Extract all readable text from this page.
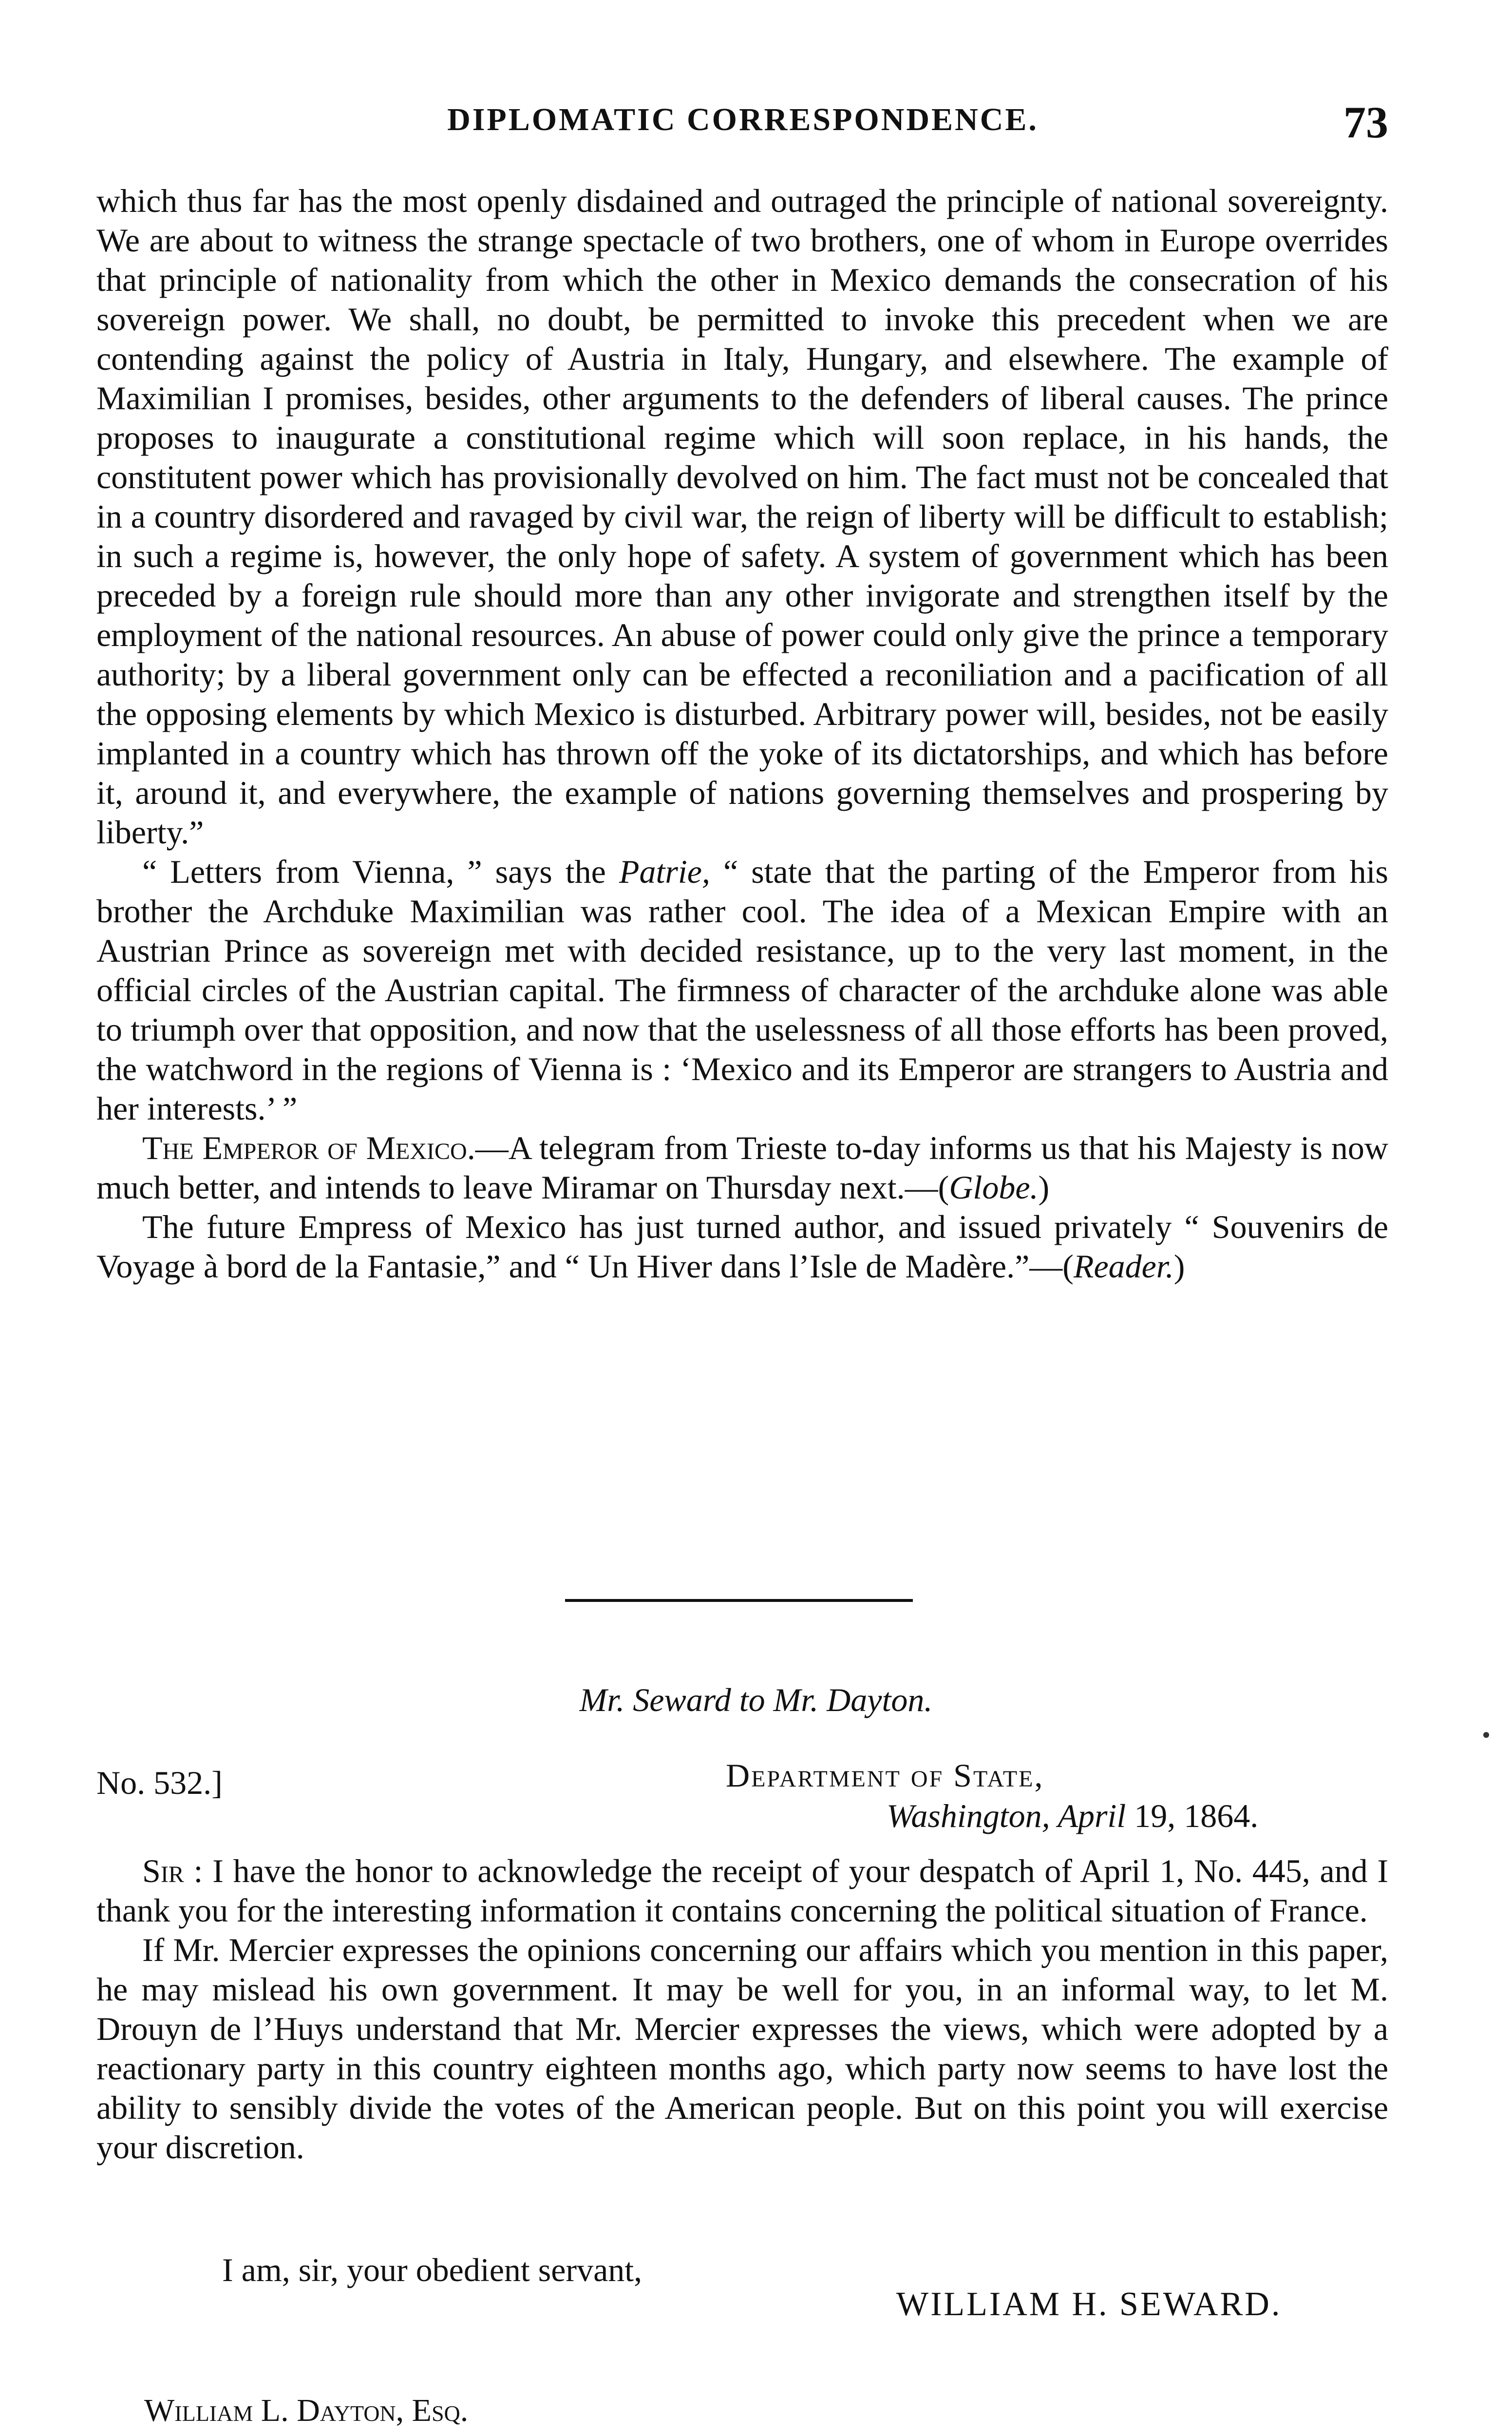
DIPLOMATIC CORRESPONDENCE.	73

which thus far has the most openly disdained and outraged the principle of national sovereignty. We are about to witness the strange spectacle of two brothers, one of whom in Europe overrides that principle of nationality from which the other in Mexico demands the consecration of his sovereign power. We shall, no doubt, be permitted to invoke this precedent when we are contending against the policy of Austria in Italy, Hungary, and elsewhere. The example of Maximilian I promises, besides, other arguments to the defenders of liberal causes. The prince proposes to inaugurate a constitutional regime which will soon replace, in his hands, the constitutent power which has provisionally devolved on him. The fact must not be concealed that in a country disordered and ravaged by civil war, the reign of liberty will be difficult to establish; in such a regime is, however, the only hope of safety. A system of government which has been preceded by a foreign rule should more than any other invigorate and strengthen itself by the employment of the national resources. An abuse of power could only give the prince a temporary authority; by a liberal government only can be effected a reconiliation and a pacification of all the opposing elements by which Mexico is disturbed. Arbitrary power will, besides, not be easily implanted in a country which has thrown off the yoke of its dictatorships, and which has before it, around it, and everywhere, the example of nations governing themselves and prospering by liberty.”

“ Letters from Vienna, ” says the Patrie, “ state that the parting of the Emperor from his brother the Archduke Maximilian was rather cool. The idea of a Mexican Empire with an Austrian Prince as sovereign met with decided resistance, up to the very last moment, in the official circles of the Austrian capital. The firmness of character of the archduke alone was able to triumph over that opposition, and now that the uselessness of all those efforts has been proved, the watchword in the regions of Vienna is : ‘Mexico and its Emperor are strangers to Austria and her interests.’ ”

The Emperor of Mexico.—A telegram from Trieste to-day informs us that his Majesty is now much better, and intends to leave Miramar on Thursday next.—(Globe.)

The future Empress of Mexico has just turned author, and issued privately “ Souvenirs de Voyage à bord de la Fantasie,” and “ Un Hiver dans l’Isle de Madère.”—(Reader.)

Mr. Seward to Mr. Dayton.
No. 532.]	Department of State,
Washington, April 19, 1864.

Sir : I have the honor to acknowledge the receipt of your despatch of April 1, No. 445, and I thank you for the interesting information it contains concerning the political situation of France.

If Mr. Mercier expresses the opinions concerning our affairs which you mention in this paper, he may mislead his own government. It may be well for you, in an informal way, to let M. Drouyn de l’Huys understand that Mr. Mercier expresses the views, which were adopted by a reactionary party in this country eighteen months ago, which party now seems to have lost the ability to sensibly divide the votes of the American people. But on this point you will exercise your discretion.

I am, sir, your obedient servant,
WILLIAM H. SEWARD.
William L. Dayton, Esq.
